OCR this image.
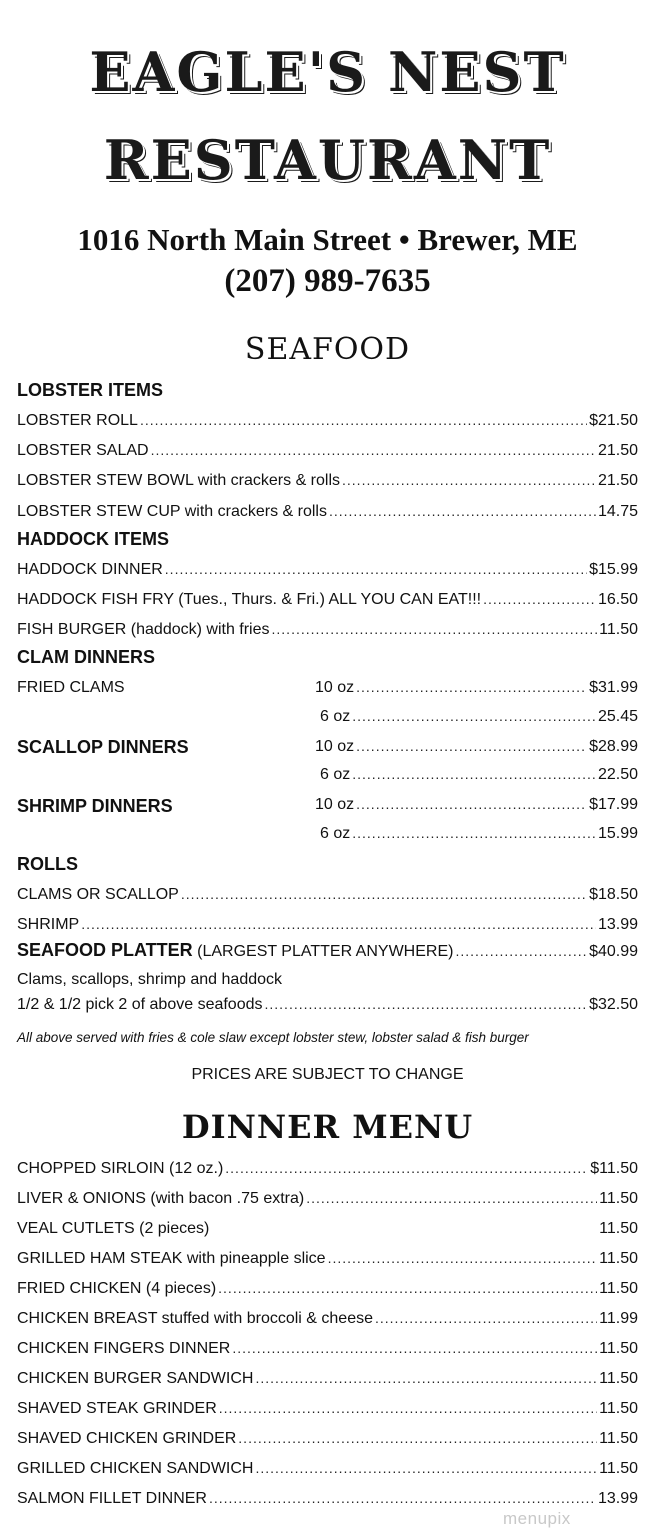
EAGLE'S NEST
RESTAURANT
1016 North Main Street • Brewer, ME
(207) 989-7635
SEAFOOD
LOBSTER ITEMS
LOBSTER ROLL .....	$21.50
LOBSTER SALAD .....	21.50
LOBSTER STEW BOWL with crackers & rolls .....	21.50
LOBSTER STEW CUP with crackers & rolls .....	14.75
HADDOCK ITEMS
HADDOCK DINNER .....	$15.99
HADDOCK FISH FRY (Tues., Thurs. & Fri.) ALL YOU CAN EAT!!! .....	16.50
FISH BURGER (haddock) with fries .....	11.50
CLAM DINNERS
FRIED CLAMS	10 oz .....	$31.99
6 oz .....	25.45
SCALLOP DINNERS	10 oz .....	$28.99
6 oz .....	22.50
SHRIMP DINNERS	10 oz .....	$17.99
6 oz .....	15.99
ROLLS
CLAMS OR SCALLOP .....	$18.50
SHRIMP .....	13.99
SEAFOOD PLATTER (LARGEST PLATTER ANYWHERE) .....	$40.99
Clams, scallops, shrimp and haddock
1/2 & 1/2 pick 2 of above seafoods .....	$32.50
All above served with fries & cole slaw except lobster stew, lobster salad & fish burger
PRICES ARE SUBJECT TO CHANGE
DINNER MENU
CHOPPED SIRLOIN (12 oz.) .....	$11.50
LIVER & ONIONS (with bacon .75 extra) .....	11.50
VEAL CUTLETS (2 pieces)	11.50
GRILLED HAM STEAK with pineapple slice .....	11.50
FRIED CHICKEN (4 pieces) .....	11.50
CHICKEN BREAST stuffed with broccoli & cheese .....	11.99
CHICKEN FINGERS DINNER .....	11.50
CHICKEN BURGER SANDWICH .....	11.50
SHAVED STEAK GRINDER .....	11.50
SHAVED CHICKEN GRINDER .....	11.50
GRILLED CHICKEN SANDWICH .....	11.50
SALMON FILLET DINNER .....	13.99
menupix
